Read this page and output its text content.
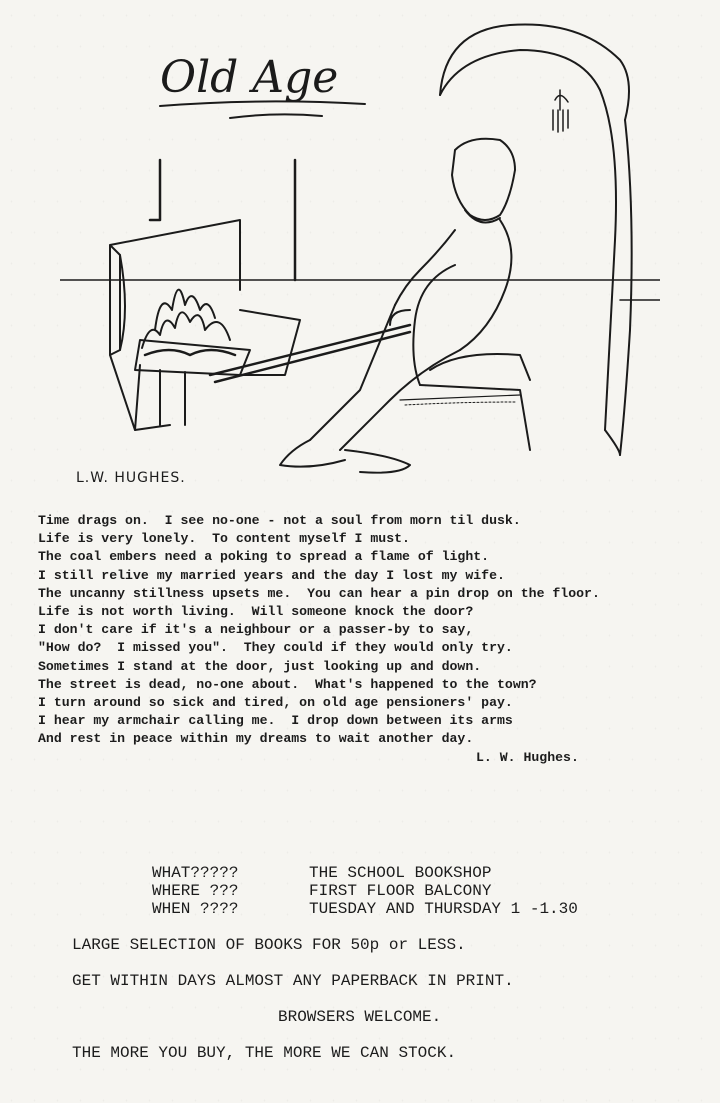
Old Age
L.W. HUGHES.
Time drags on.  I see no-one - not a soul from morn til dusk.
Life is very lonely.  To content myself I must.
The coal embers need a poking to spread a flame of light.
I still relive my married years and the day I lost my wife.
The uncanny stillness upsets me.  You can hear a pin drop on the floor.
Life is not worth living.  Will someone knock the door?
I don't care if it's a neighbour or a passer-by to say,
"How do?  I missed you".  They could if they would only try.
Sometimes I stand at the door, just looking up and down.
The street is dead, no-one about.  What's happened to the town?
I turn around so sick and tired, on old age pensioners' pay.
I hear my armchair calling me.  I drop down between its arms
And rest in peace within my dreams to wait another day.
L. W. Hughes.
WHAT?????	THE SCHOOL BOOKSHOP
WHERE ???	FIRST FLOOR BALCONY
WHEN ????	TUESDAY AND THURSDAY 1 -1.30
LARGE SELECTION OF BOOKS FOR 50p or LESS.
GET WITHIN DAYS ALMOST ANY PAPERBACK IN PRINT.
BROWSERS WELCOME.
THE MORE YOU BUY, THE MORE WE CAN STOCK.
